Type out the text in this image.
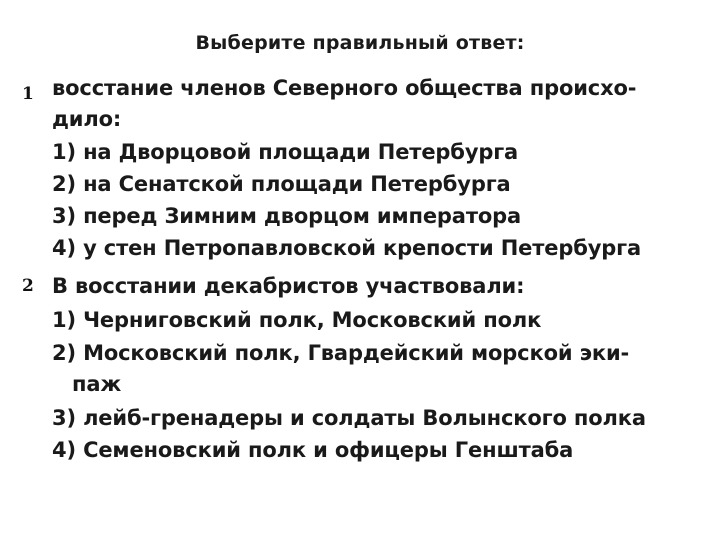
Выберите правильный ответ:
1 восстание членов Северного общества происхо-
дило:
1) на Дворцовой площади Петербурга
2) на Сенатской площади Петербурга
3) перед Зимним дворцом императора
4) у стен Петропавловской крепости Петербурга
2 В восстании декабристов участвовали:
1) Черниговский полк, Московский полк
2) Московский полк, Гвардейский морской эки-
паж
3) лейб-гренадеры и солдаты Волынского полка
4) Семеновский полк и офицеры Генштаба
